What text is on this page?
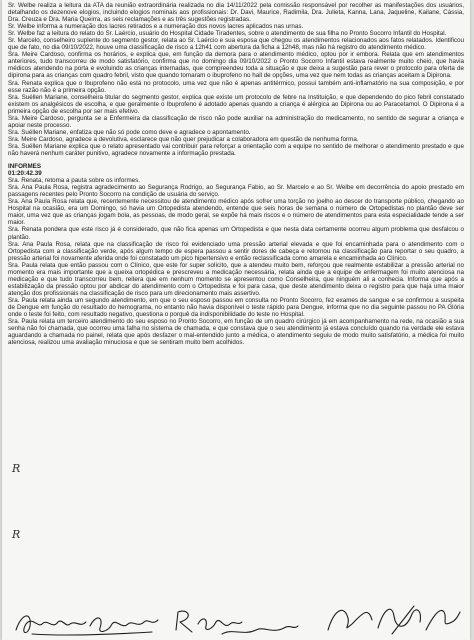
Sr. Welbe realiza a leitura da ATA da reunião extraordinária realizada no dia 14/11/2022 pela comissão responsável por recolher as manifestações dos usuários, detalhando os dezenove elogios, incluindo elogios nominais aos profissionais: Dr. Davi, Maurice, Radimila, Dra. Julieta, Kanna, Lana, Jaqueline, Kailane, Cássia, Dra. Creuza e Dra. Maria Queirra, as seis reclamações e as três sugestões registradas.

Sr. Welbe informa a numeração dos lacres retirados e a numeração dos novos lacres aplicados nas urnas.

Sr. Welbe faz a leitura do relato do Sr. Laércio, usuário do Hospital Cidade Tiradentes, sobre o atendimento de sua filha no Pronto Socorro Infantil do Hospital.

Sr. Marcelo, conselheiro suplente do segmento gestor, relata ao Sr. Laércio e sua esposa que chegou os atendimentos relacionados aos fatos relatados. Identificou que de fato, no dia 09/10/2022, houve uma classificação de risco a 12h41 com abertura da ficha a 12h48, mas não há registro do atendimento médico.

Sra. Meire Cardoso, confirma os horários, e explica que, em função da demora para o atendimento médico, optou por ir embora. Relata que em atendimentos anteriores, tudo transcorreu de modo satisfatório, confirma que no domingo dia 09/10/2022 o Pronto Socorro Infantil estava realmente muito cheio, que havia médicos atendendo na porta e evoluindo as crianças internadas, que compreendeu toda a situação e que deixa a sugestão para rever o protocolo para oferta de dipirona para as crianças com quadro febril, visto que quando tomaram o ibuprofeno no hall de opções, uma vez que nem todas as crianças aceitam a Dipirona.

Sra. Renata explica que o Ibuprofeno não está no protocolo, uma vez que não é apenas antitérmico, possui também anti-inflamatório na sua composição, e por esse razão não é a primeira opção.

Sra. Suéllen Mariane, conselheira titular do segmento gestor, explica que existe um protocolo de febre na Instituição, e que dependendo do pico febril constatado existem os analgésicos de escolha, e que geralmente o Ibuprofeno é adotado apenas quando a criança é alérgica ao Dipirona ou ao Paracetamol. O Dipirona é a primeira opção de escolha por ser mais efetivo.

Sra. Meire Cardoso, pergunta se a Enfermeira da classificação de risco não pode auxiliar na administração do medicamento, no sentido de segurar a criança e apoiar neste processo.

Sra. Suéllen Mariane, enfatiza que não só pode como deve e agradece o apontamento.

Sra. Meire Cardoso, agradece a devolutiva, esclarece que não quer prejudicar a colaboradora em questão de nenhuma forma.

Sra. Suéllen Mariane explica que o relato apresentado vai contribuir para reforçar a orientação com a equipe no sentido de melhorar o atendimento prestado e que não haverá nenhum caráter punitivo, agradece novamente a informação prestada.

INFORMES

01:20:42.39

Sra. Renata, retoma a pauta sobre os informes.

Sra. Ana Paula Rosa, registra agradecimento ao Segurança Rodrigo, ao Segurança Fabio, ao Sr. Marcelo e ao Sr. Welbe em decorrência do apoio prestado em passagens recentes pelo Pronto Socorro na condição de usuária do serviço.

Sra. Ana Paula Rosa relata que, recentemente necessitou de atendimento médico após sofrer uma torção no joelho ao descer do transporte público, chegando ao Hospital na ocasião, era um Domingo, só havia um Ortopedista atendendo, entende que seis horas de semana o número de Ortopedistas no plantão deve ser maior, uma vez que as crianças jogam bola, as pessoas, de modo geral, se expõe há mais riscos e o número de atendimentos para esta especialidade tende a ser maior.

Sra. Renata pondera que este risco já é considerado, que não fica apenas um Ortopedista e que nesta data certamente ocorreu algum problema que desfalcou o plantão.

Sra. Ana Paula Rosa, relata que na classificação de risco foi evidenciado uma pressão arterial elevada e que foi encaminhada para o atendimento com o Ortopedista com a classificação verde, após algum tempo de espera passou a sentir dores de cabeça e retornou na classificação para reportar o seu quadro, a pressão arterial foi novamente aferida onde foi constatado um pico hipertensivo e então reclassificada como amarela e encaminhada ao Clínico.

Sra. Paula relata que então passou com o Clínico, que este for super solícito, que a atendeu muito bem, reforçou que realmente estabilizar a pressão arterial no momento era mais importante que a queixa ortopédica e prescreveu a medicação necessária, relata ainda que a equipe de enfermagem foi muito atenciosa na medicação e que tudo transcorreu bem, reitera que em nenhum momento se apresentou como Conselheira, que ninguém ali a conhecia. Informa que após a estabilização da pressão optou por abdicar do atendimento com o Ortopedista e foi para casa, que deste atendimento deixa o registro para que haja uma maior atenção dos profissionais na classificação de risco para um direcionamento mais assertivo.

Sra. Paula relata ainda um segundo atendimento, em que o seu esposo passou em consulta no Pronto Socorro, fez exames de sangue e se confirmou a suspeita de Dengue em função do resultado do hemograma, no entanto não havia disponível o teste rápido para Dengue, informa que no dia seguinte passou no PA Glória onde o teste foi feito, com resultado negativo, questiona o porquê da indisponibilidade do teste no Hospital.

Sra. Paula relata um terceiro atendimento do seu esposo no Pronto Socorro, em função de um quadro cirúrgico já em acompanhamento na rede, na ocasião a sua senha não foi chamada, que ocorreu uma falha no sistema de chamada, e que constava que o seu atendimento já estava concluído quando na verdade ele estava aguardando a chamada no painel, relata que após desfazer o mal-entendido junto a médica, o atendimento seguiu de modo muito satisfatório, a médica foi muito atenciosa, realizou uma avaliação minuciosa e que se sentiram muito bem acolhidos.

R
R
